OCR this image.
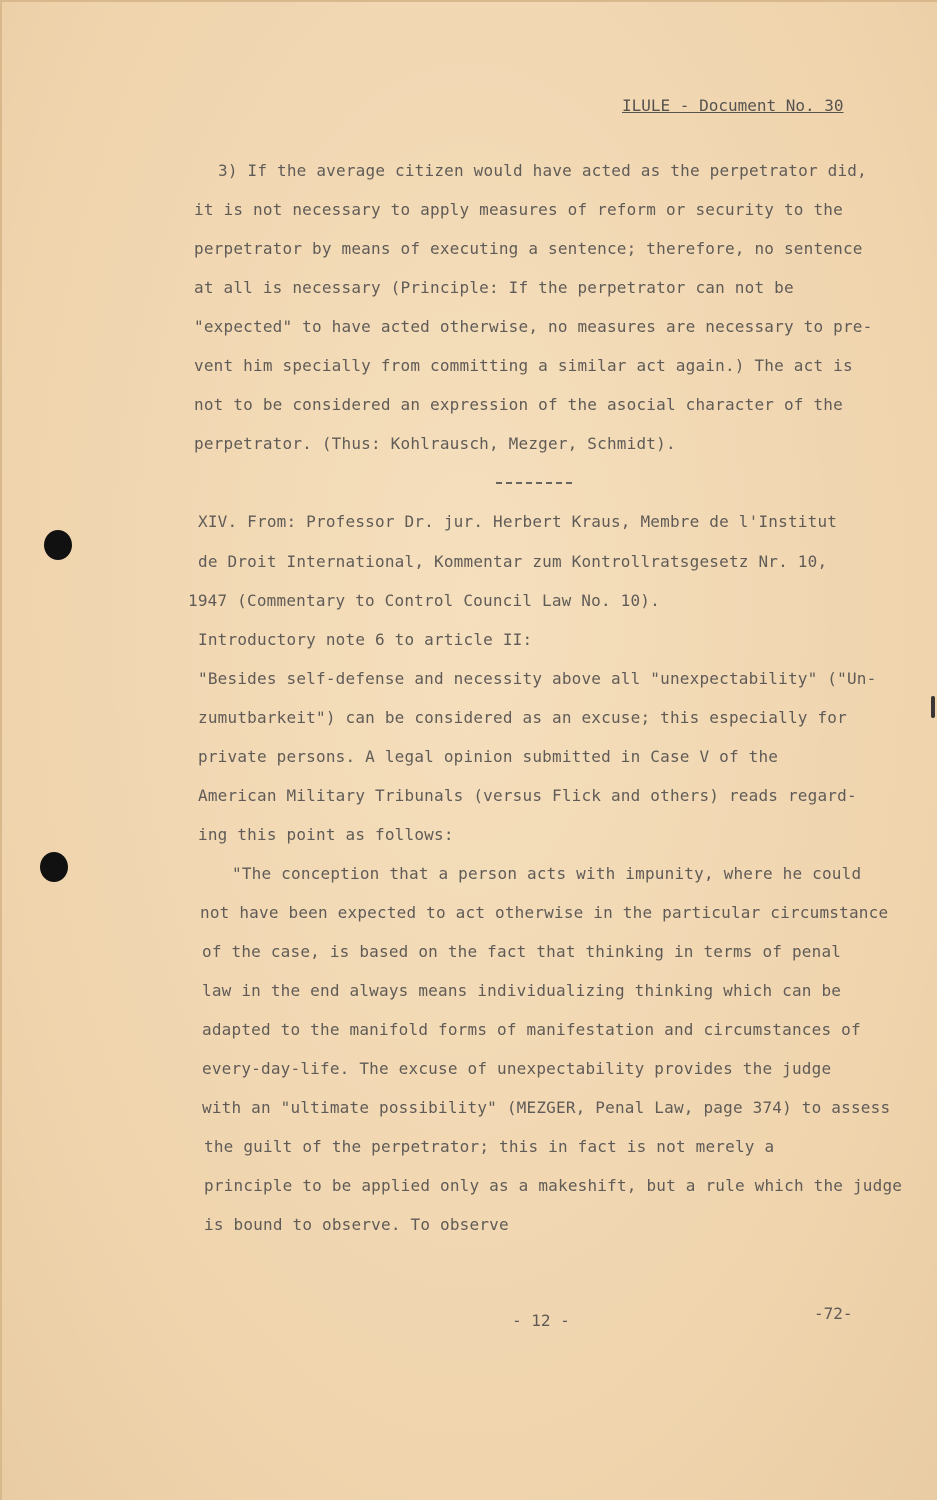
ILULE - Document No. 30
3) If the average citizen would have acted as the perpetrator did,
it is not necessary to apply measures of reform or security to the
perpetrator by means of executing a sentence; therefore, no sentence
at all is necessary (Principle: If the perpetrator can not be
"expected" to have acted otherwise, no measures are necessary to pre-
vent him specially from committing a similar act again.) The act is
not to be considered an expression of the asocial character of the
perpetrator. (Thus: Kohlrausch, Mezger, Schmidt).
XIV. From: Professor Dr. jur. Herbert Kraus, Membre de l'Institut
de Droit International, Kommentar zum Kontrollratsgesetz Nr. 10,
1947 (Commentary to Control Council Law No. 10).
Introductory note 6 to article II:
"Besides self-defense and necessity above all "unexpectability" ("Un-
zumutbarkeit") can be considered as an excuse; this especially for
private persons. A legal opinion submitted in Case V of the
American Military Tribunals (versus Flick and others) reads regard-
ing this point as follows:
"The conception that a person acts with impunity, where he could
not have been expected to act otherwise in the particular circumstance
of the case, is based on the fact that thinking in terms of penal
law in the end always means individualizing thinking which can be
adapted to the manifold forms of manifestation and circumstances of
every-day-life. The excuse of unexpectability provides the judge
with an "ultimate possibility" (MEZGER, Penal Law, page 374) to assess
the guilt of the perpetrator; this in fact is not merely a
principle to be applied only as a makeshift, but a rule which the judge
is bound to observe. To observe
- 12 -	-72-
